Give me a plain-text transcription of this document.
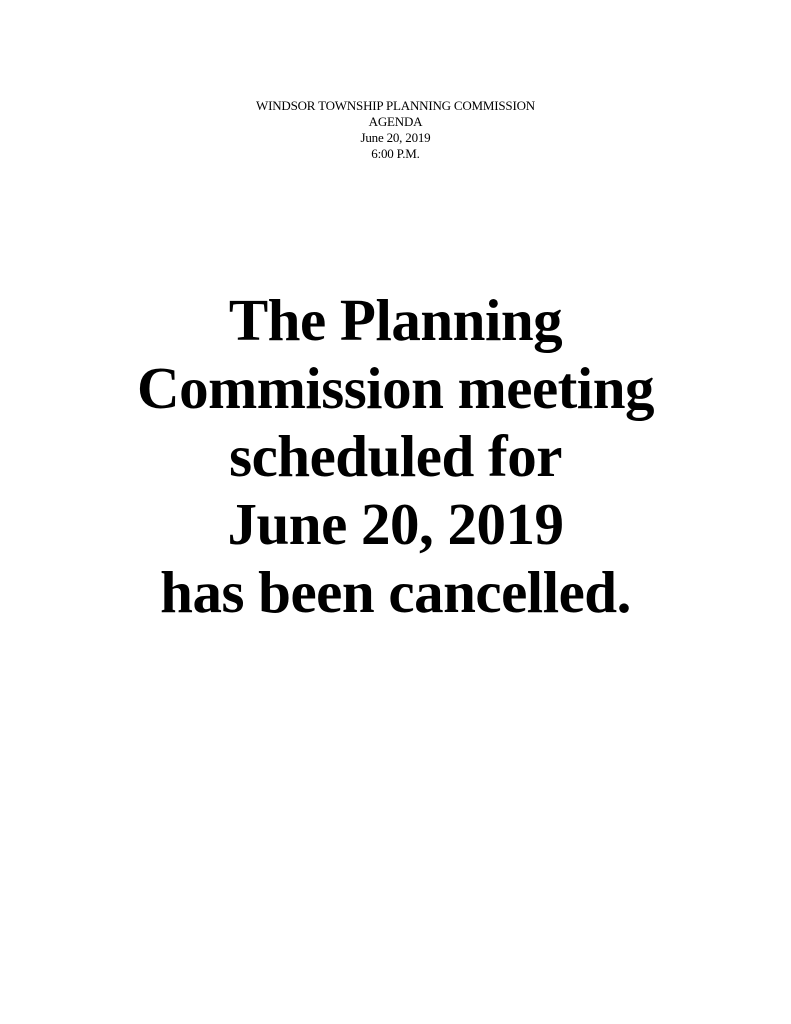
WINDSOR TOWNSHIP PLANNING COMMISSION
AGENDA
June 20, 2019
6:00 P.M.
The Planning
Commission meeting
scheduled for
June 20, 2019
has been cancelled.
